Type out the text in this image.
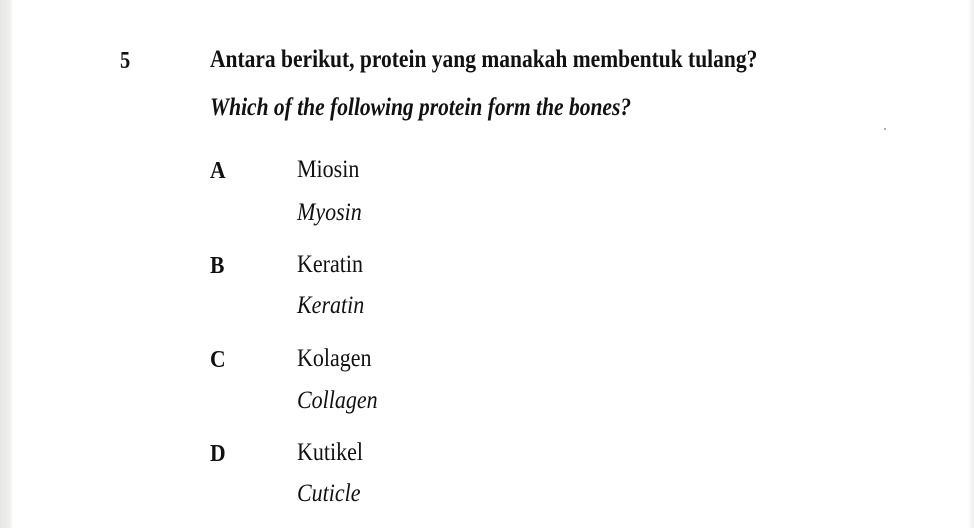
5	Antara berikut, protein yang manakah membentuk tulang?
Which of the following protein form the bones?
A	Miosin
Myosin
B	Keratin
Keratin
C	Kolagen
Collagen
D	Kutikel
Cuticle
